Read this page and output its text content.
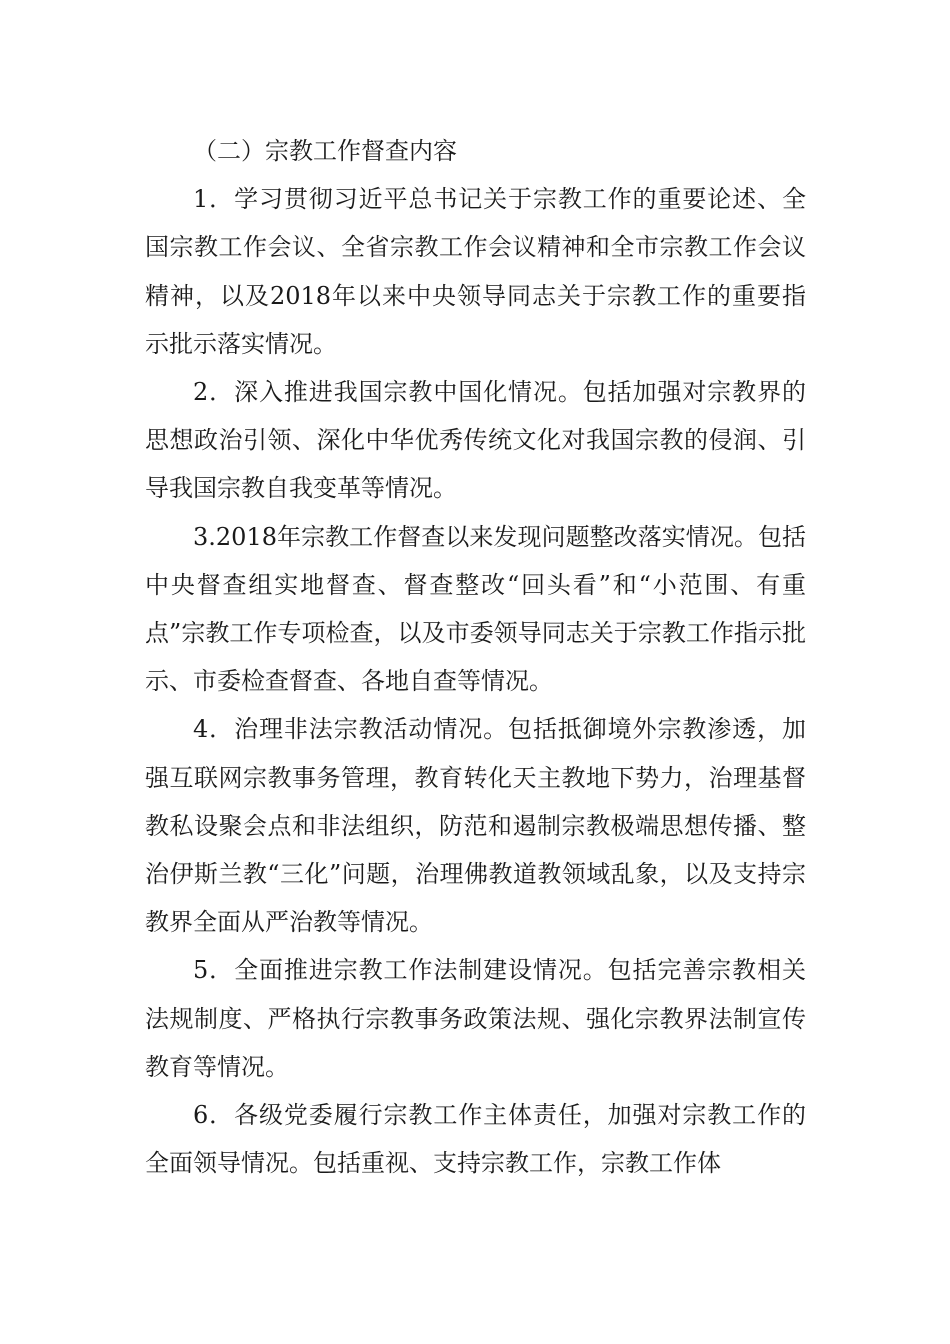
（二）宗教工作督查内容

1．学习贯彻习近平总书记关于宗教工作的重要论述、全国宗教工作会议、全省宗教工作会议精神和全市宗教工作会议精神，以及2018年以来中央领导同志关于宗教工作的重要指示批示落实情况。

2．深入推进我国宗教中国化情况。包括加强对宗教界的思想政治引领、深化中华优秀传统文化对我国宗教的侵润、引导我国宗教自我变革等情况。

3.2018年宗教工作督查以来发现问题整改落实情况。包括中央督查组实地督查、督查整改“回头看”和“小范围、有重点”宗教工作专项检查，以及市委领导同志关于宗教工作指示批示、市委检查督查、各地自查等情况。

4．治理非法宗教活动情况。包括抵御境外宗教渗透，加强互联网宗教事务管理，教育转化天主教地下势力，治理基督教私设聚会点和非法组织，防范和遏制宗教极端思想传播、整治伊斯兰教“三化”问题，治理佛教道教领域乱象，以及支持宗教界全面从严治教等情况。

5．全面推进宗教工作法制建设情况。包括完善宗教相关法规制度、严格执行宗教事务政策法规、强化宗教界法制宣传教育等情况。

6．各级党委履行宗教工作主体责任，加强对宗教工作的全面领导情况。包括重视、支持宗教工作，宗教工作体
